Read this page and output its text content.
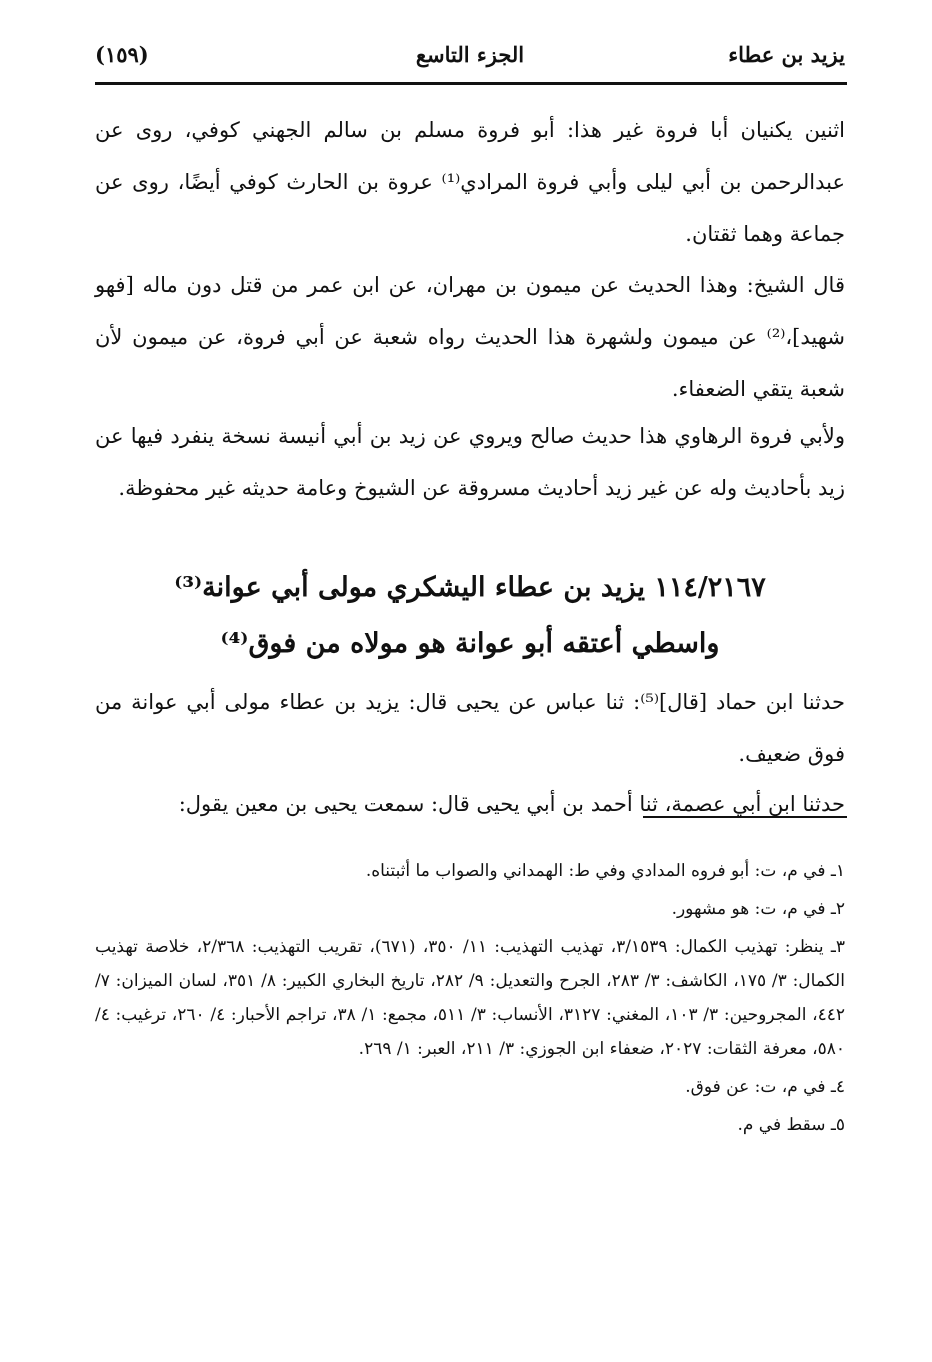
يزيد بن عطاء
الجزء التاسع
(١٥٩)

اثنين يكنيان أبا فروة غير هذا: أبو فروة مسلم بن سالم الجهني كوفي، روى عن عبدالرحمن بن أبي ليلى وأبي فروة المرادي⁽¹⁾ عروة بن الحارث كوفي أيضًا، روى عن جماعة وهما ثقتان.

قال الشيخ: وهذا الحديث عن ميمون بن مهران، عن ابن عمر من قتل دون ماله [فهو شهيد]،⁽²⁾ عن ميمون ولشهرة هذا الحديث رواه شعبة عن أبي فروة، عن ميمون لأن شعبة يتقي الضعفاء.

ولأبي فروة الرهاوي هذا حديث صالح ويروي عن زيد بن أبي أنيسة نسخة ينفرد فيها عن زيد بأحاديث وله عن غير زيد أحاديث مسروقة عن الشيوخ وعامة حديثه غير محفوظة.

١١٤/٢١٦٧ يزيد بن عطاء اليشكري مولى أبي عوانة⁽³⁾
واسطي أعتقه أبو عوانة هو مولاه من فوق⁽⁴⁾

حدثنا ابن حماد [قال]⁽⁵⁾: ثنا عباس عن يحيى قال: يزيد بن عطاء مولى أبي عوانة من فوق ضعيف.

حدثنا ابن أبي عصمة، ثنا أحمد بن أبي يحيى قال: سمعت يحيى بن معين يقول:

١ـ في م، ت: أبو فروه المدادي وفي ط: الهمداني والصواب ما أثبتناه.
٢ـ في م، ت: هو مشهور.
٣ـ ينظر: تهذيب الكمال: ٣/١٥٣٩، تهذيب التهذيب: ١١/ ٣٥٠، (٦٧١)، تقريب التهذيب: ٢/٣٦٨، خلاصة تهذيب الكمال: ٣/ ١٧٥، الكاشف: ٣/ ٢٨٣، الجرح والتعديل: ٩/ ٢٨٢، تاريخ البخاري الكبير: ٨/ ٣٥١، لسان الميزان: ٧/ ٤٤٢، المجروحين: ٣/ ١٠٣، المغني: ٣١٢٧، الأنساب: ٣/ ٥١١، مجمع: ١/ ٣٨، تراجم الأحبار: ٤/ ٢٦٠، ترغيب: ٤/ ٥٨٠، معرفة الثقات: ٢٠٢٧، ضعفاء ابن الجوزي: ٣/ ٢١١، العبر: ١/ ٢٦٩.
٤ـ في م، ت: عن فوق.
٥ـ سقط في م.
